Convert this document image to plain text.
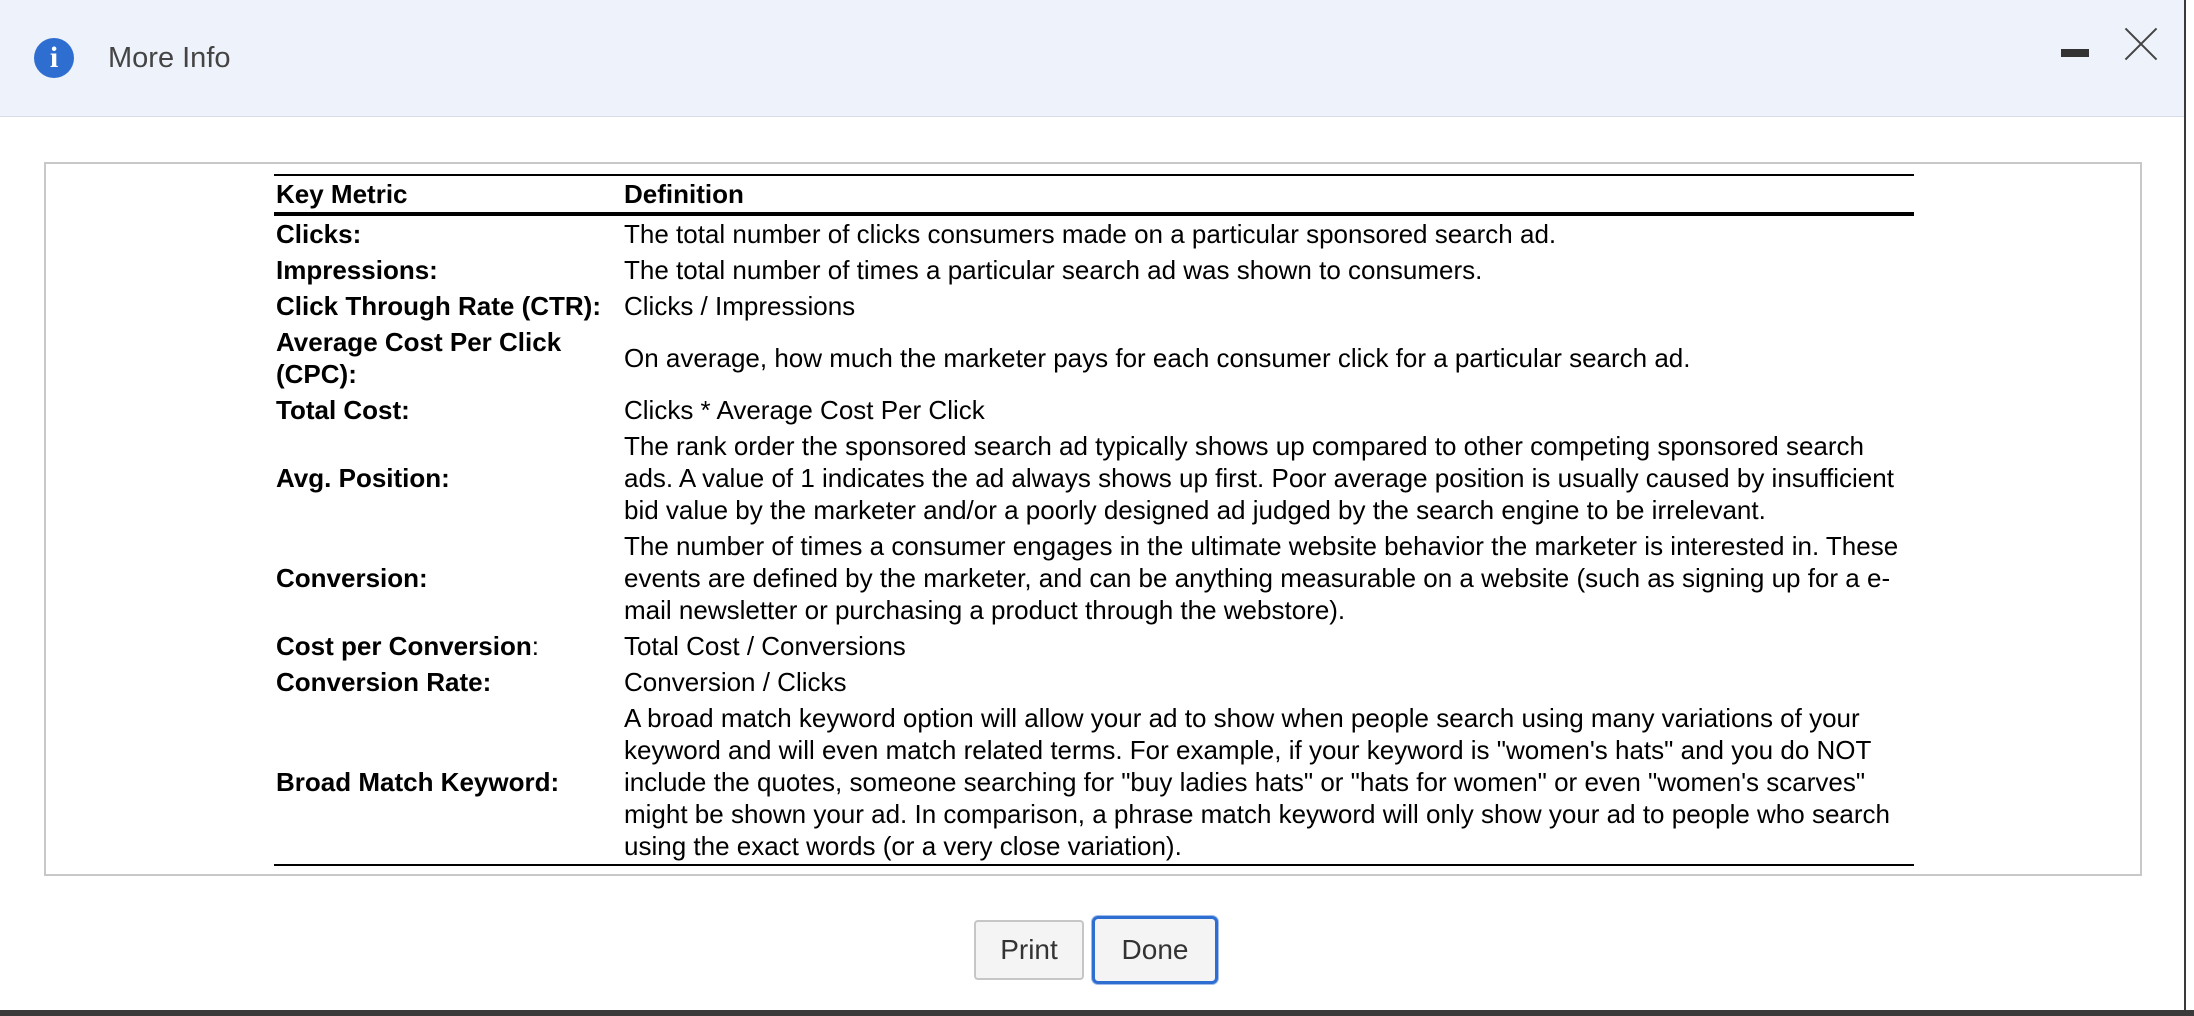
i	More Info
Key Metric	Definition
Clicks:	The total number of clicks consumers made on a particular sponsored search ad.
Impressions:	The total number of times a particular search ad was shown to consumers.
Click Through Rate (CTR):	Clicks / Impressions
Average Cost Per Click (CPC):	On average, how much the marketer pays for each consumer click for a particular search ad.
Total Cost:	Clicks * Average Cost Per Click
Avg. Position:	The rank order the sponsored search ad typically shows up compared to other competing sponsored search ads. A value of 1 indicates the ad always shows up first. Poor average position is usually caused by insufficient bid value by the marketer and/or a poorly designed ad judged by the search engine to be irrelevant.
Conversion:	The number of times a consumer engages in the ultimate website behavior the marketer is interested in. These events are defined by the marketer, and can be anything measurable on a website (such as signing up for a e-mail newsletter or purchasing a product through the webstore).
Cost per Conversion:	Total Cost / Conversions
Conversion Rate:	Conversion / Clicks
Broad Match Keyword:	A broad match keyword option will allow your ad to show when people search using many variations of your keyword and will even match related terms. For example, if your keyword is "women's hats" and you do NOT include the quotes, someone searching for "buy ladies hats" or "hats for women" or even "women's scarves" might be shown your ad. In comparison, a phrase match keyword will only show your ad to people who search using the exact words (or a very close variation).
Print	Done
